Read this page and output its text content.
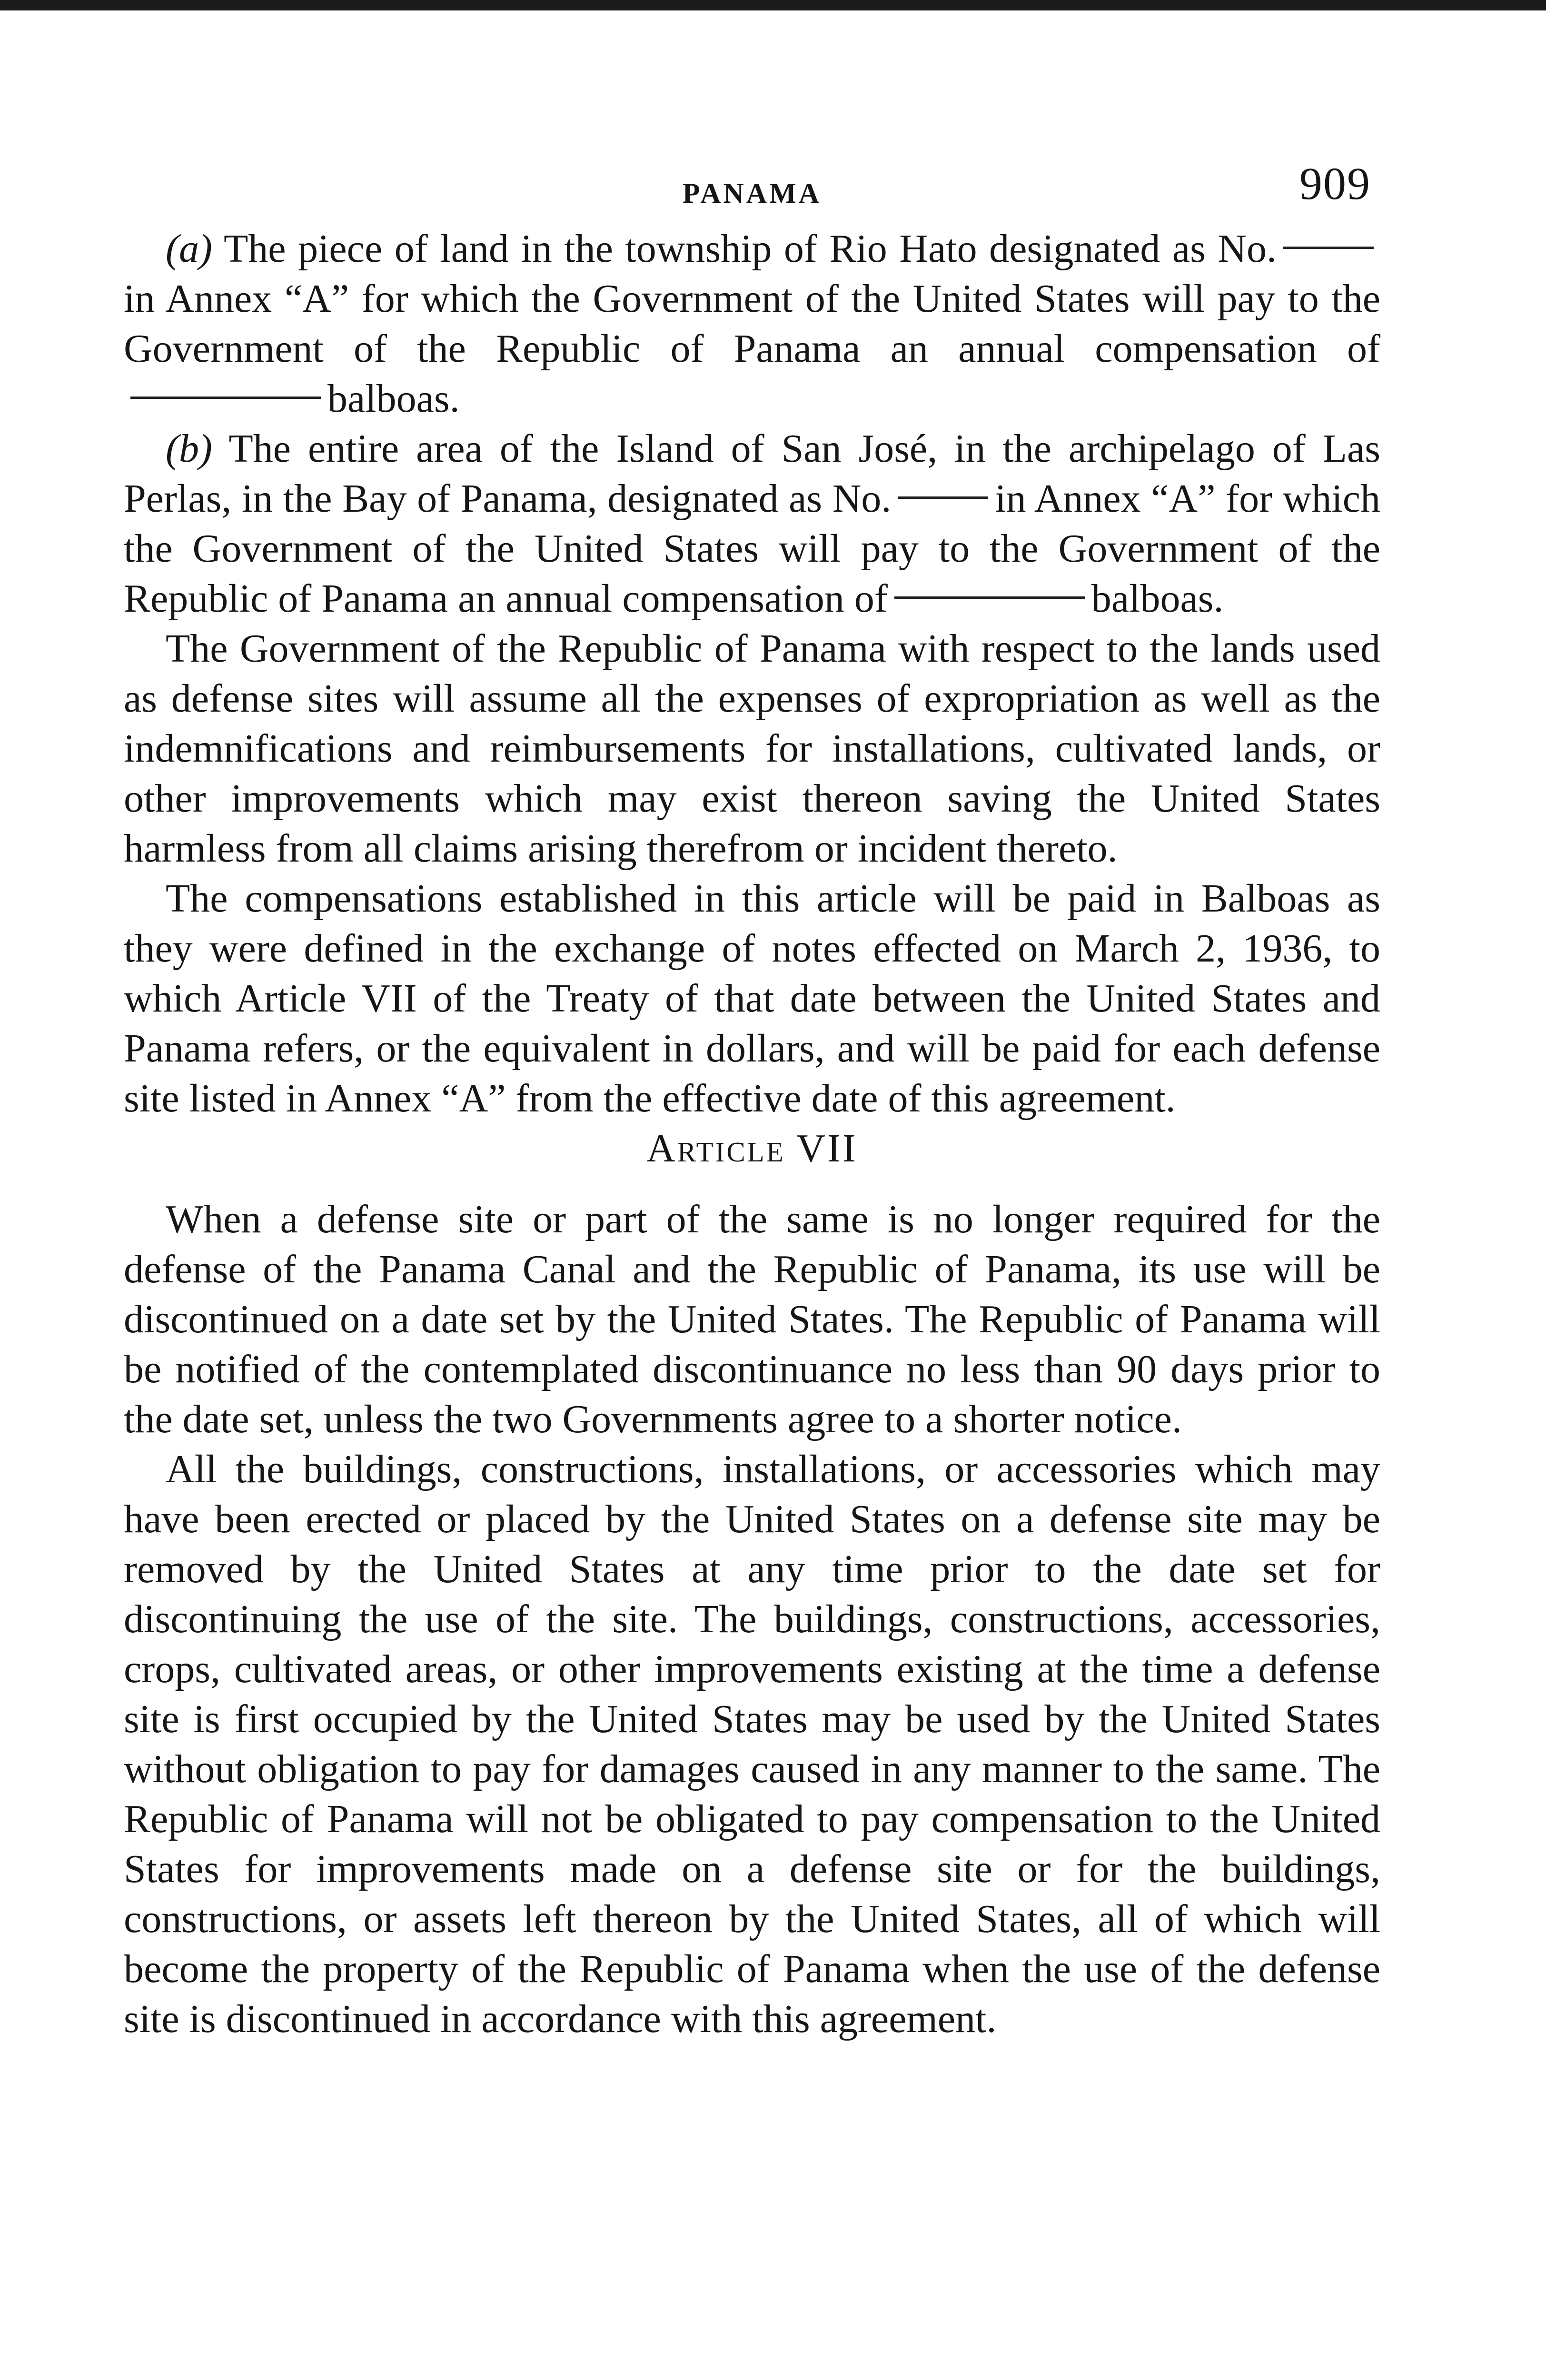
PANAMA	909

(a) The piece of land in the township of Rio Hato designated as No.in Annex “A” for which the Government of the United States will pay to the Government of the Republic of Panama an annual compensation ofbalboas.

(b) The entire area of the Island of San José, in the archipelago of Las Perlas, in the Bay of Panama, designated as No.	in Annex “A” for which the Government of the United States will pay to the Government of the Republic of Panama an annual compensation of	balboas.

The Government of the Republic of Panama with respect to the lands used as defense sites will assume all the expenses of expropriation as well as the indemnifications and reimbursements for installations, cultivated lands, or other improvements which may exist thereon saving the United States harmless from all claims arising therefrom or incident thereto.

The compensations established in this article will be paid in Balboas as they were defined in the exchange of notes effected on March 2, 1936, to which Article VII of the Treaty of that date between the United States and Panama refers, or the equivalent in dollars, and will be paid for each defense site listed in Annex “A” from the effective date of this agreement.

Article VII

When a defense site or part of the same is no longer required for the defense of the Panama Canal and the Republic of Panama, its use will be discontinued on a date set by the United States. The Republic of Panama will be notified of the contemplated discontinuance no less than 90 days prior to the date set, unless the two Governments agree to a shorter notice.

All the buildings, constructions, installations, or accessories which may have been erected or placed by the United States on a defense site may be removed by the United States at any time prior to the date set for discontinuing the use of the site. The buildings, constructions, accessories, crops, cultivated areas, or other improvements existing at the time a defense site is first occupied by the United States may be used by the United States without obligation to pay for damages caused in any manner to the same. The Republic of Panama will not be obligated to pay compensation to the United States for improvements made on a defense site or for the buildings, constructions, or assets left thereon by the United States, all of which will become the property of the Republic of Panama when the use of the defense site is discontinued in accordance with this agreement.
